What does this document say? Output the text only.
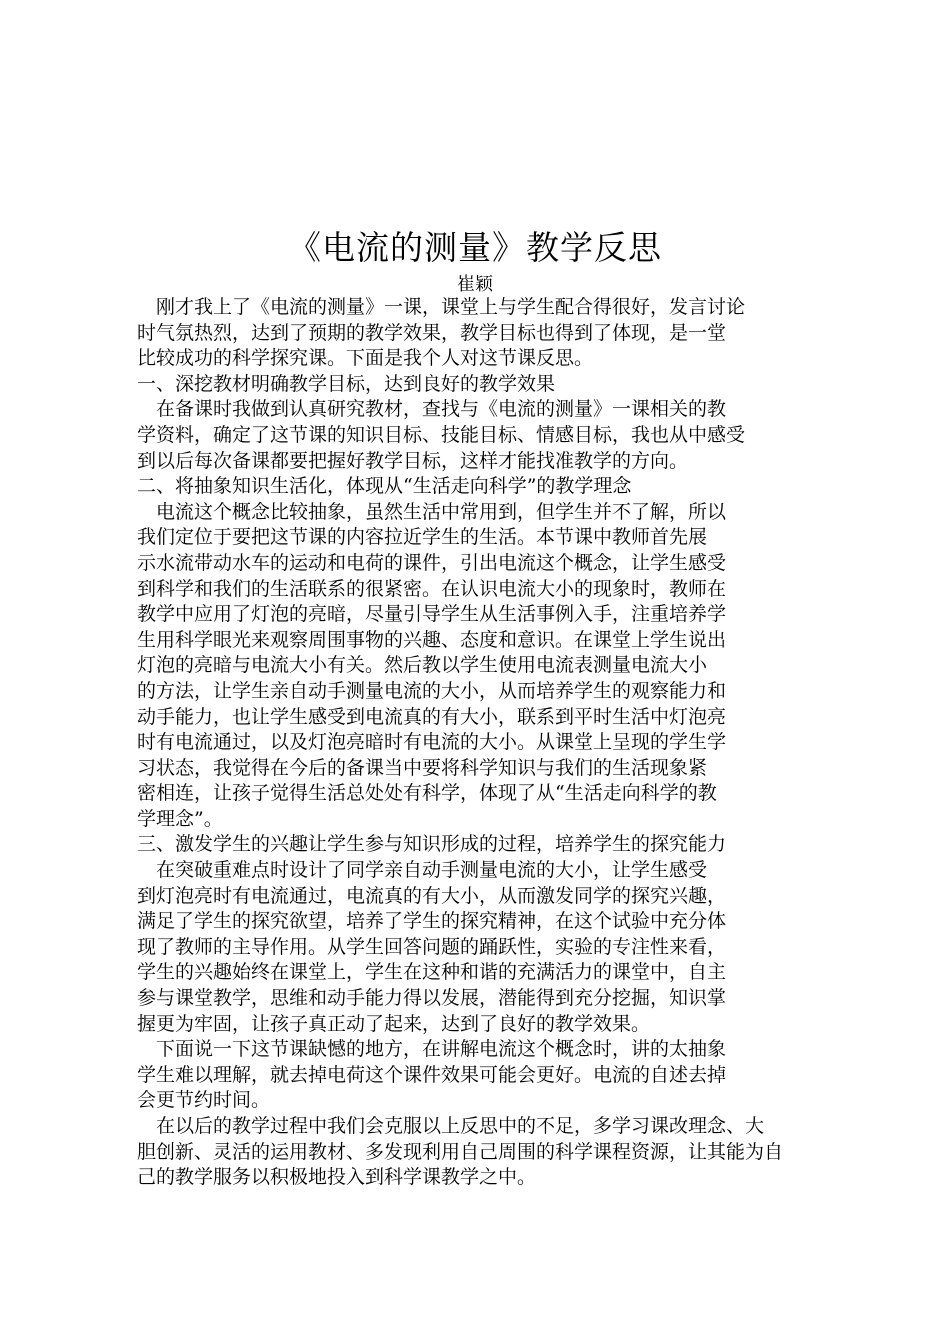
《电流的测量》教学反思
崔颖
　刚才我上了《电流的测量》一课，课堂上与学生配合得很好，发言讨论
时气氛热烈，达到了预期的教学效果，教学目标也得到了体现，是一堂
比较成功的科学探究课。下面是我个人对这节课反思。
一、深挖教材明确教学目标，达到良好的教学效果
　在备课时我做到认真研究教材，查找与《电流的测量》一课相关的教
学资料，确定了这节课的知识目标、技能目标、情感目标，我也从中感受
到以后每次备课都要把握好教学目标，这样才能找准教学的方向。
二、将抽象知识生活化，体现从“生活走向科学”的教学理念
　电流这个概念比较抽象，虽然生活中常用到，但学生并不了解，所以
我们定位于要把这节课的内容拉近学生的生活。本节课中教师首先展
示水流带动水车的运动和电荷的课件，引出电流这个概念，让学生感受
到科学和我们的生活联系的很紧密。在认识电流大小的现象时，教师在
教学中应用了灯泡的亮暗，尽量引导学生从生活事例入手，注重培养学
生用科学眼光来观察周围事物的兴趣、态度和意识。在课堂上学生说出
灯泡的亮暗与电流大小有关。然后教以学生使用电流表测量电流大小
的方法，让学生亲自动手测量电流的大小，从而培养学生的观察能力和
动手能力，也让学生感受到电流真的有大小，联系到平时生活中灯泡亮
时有电流通过，以及灯泡亮暗时有电流的大小。从课堂上呈现的学生学
习状态，我觉得在今后的备课当中要将科学知识与我们的生活现象紧
密相连，让孩子觉得生活总处处有科学，体现了从“生活走向科学的教
学理念”。
三、激发学生的兴趣让学生参与知识形成的过程，培养学生的探究能力
　在突破重难点时设计了同学亲自动手测量电流的大小，让学生感受
到灯泡亮时有电流通过，电流真的有大小，从而激发同学的探究兴趣，
满足了学生的探究欲望，培养了学生的探究精神，在这个试验中充分体
现了教师的主导作用。从学生回答问题的踊跃性，实验的专注性来看，
学生的兴趣始终在课堂上，学生在这种和谐的充满活力的课堂中，自主
参与课堂教学，思维和动手能力得以发展，潜能得到充分挖掘，知识掌
握更为牢固，让孩子真正动了起来，达到了良好的教学效果。
　下面说一下这节课缺憾的地方，在讲解电流这个概念时，讲的太抽象
学生难以理解，就去掉电荷这个课件效果可能会更好。电流的自述去掉
会更节约时间。
　在以后的教学过程中我们会克服以上反思中的不足，多学习课改理念、大
胆创新、灵活的运用教材、多发现利用自己周围的科学课程资源，让其能为自
己的教学服务以积极地投入到科学课教学之中。
